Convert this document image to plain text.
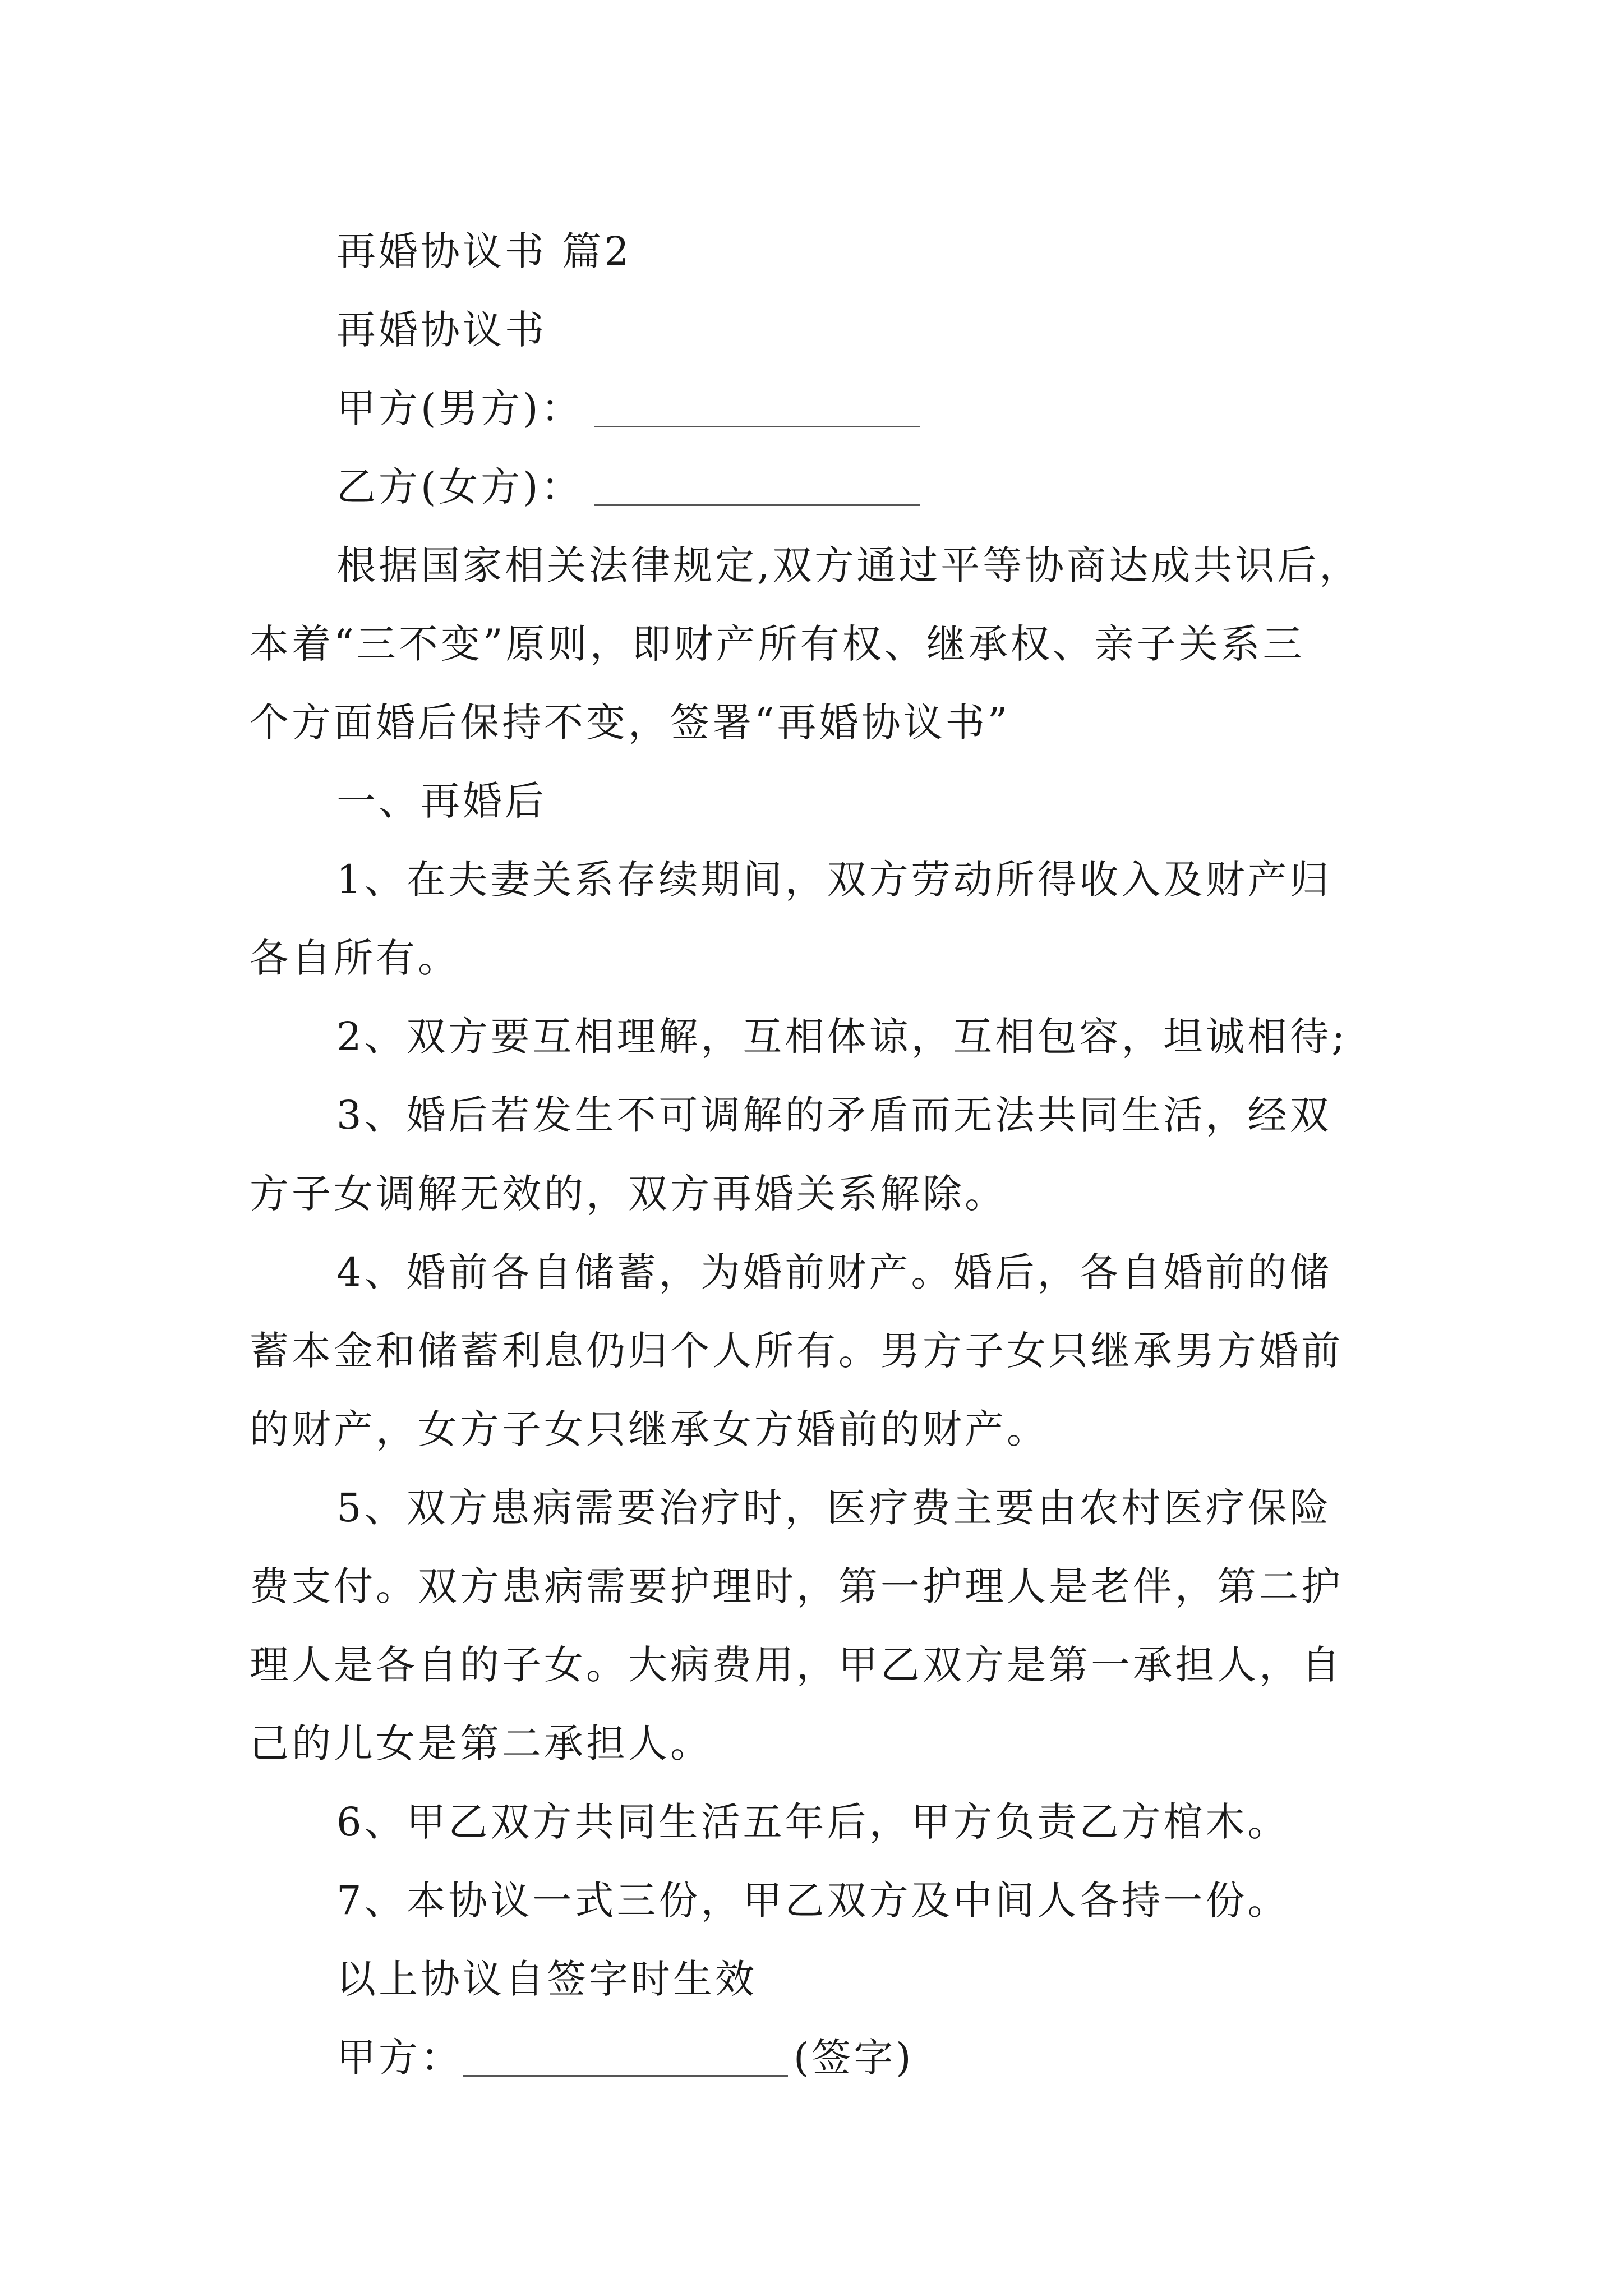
再婚协议书 篇2

再婚协议书

甲方(男方)：

乙方(女方)：

根据国家相关法律规定,双方通过平等协商达成共识后，

本着“三不变”原则，即财产所有权、继承权、亲子关系三

个方面婚后保持不变，签署“再婚协议书”

一、再婚后

1、在夫妻关系存续期间，双方劳动所得收入及财产归

各自所有。

2、双方要互相理解，互相体谅，互相包容，坦诚相待;

3、婚后若发生不可调解的矛盾而无法共同生活，经双

方子女调解无效的，双方再婚关系解除。

4、婚前各自储蓄，为婚前财产。婚后，各自婚前的储

蓄本金和储蓄利息仍归个人所有。男方子女只继承男方婚前

的财产，女方子女只继承女方婚前的财产。

5、双方患病需要治疗时，医疗费主要由农村医疗保险

费支付。双方患病需要护理时，第一护理人是老伴，第二护

理人是各自的子女。大病费用，甲乙双方是第一承担人，自

己的儿女是第二承担人。

6、甲乙双方共同生活五年后，甲方负责乙方棺木。

7、本协议一式三份，甲乙双方及中间人各持一份。

以上协议自签字时生效

甲方：	(签字)
